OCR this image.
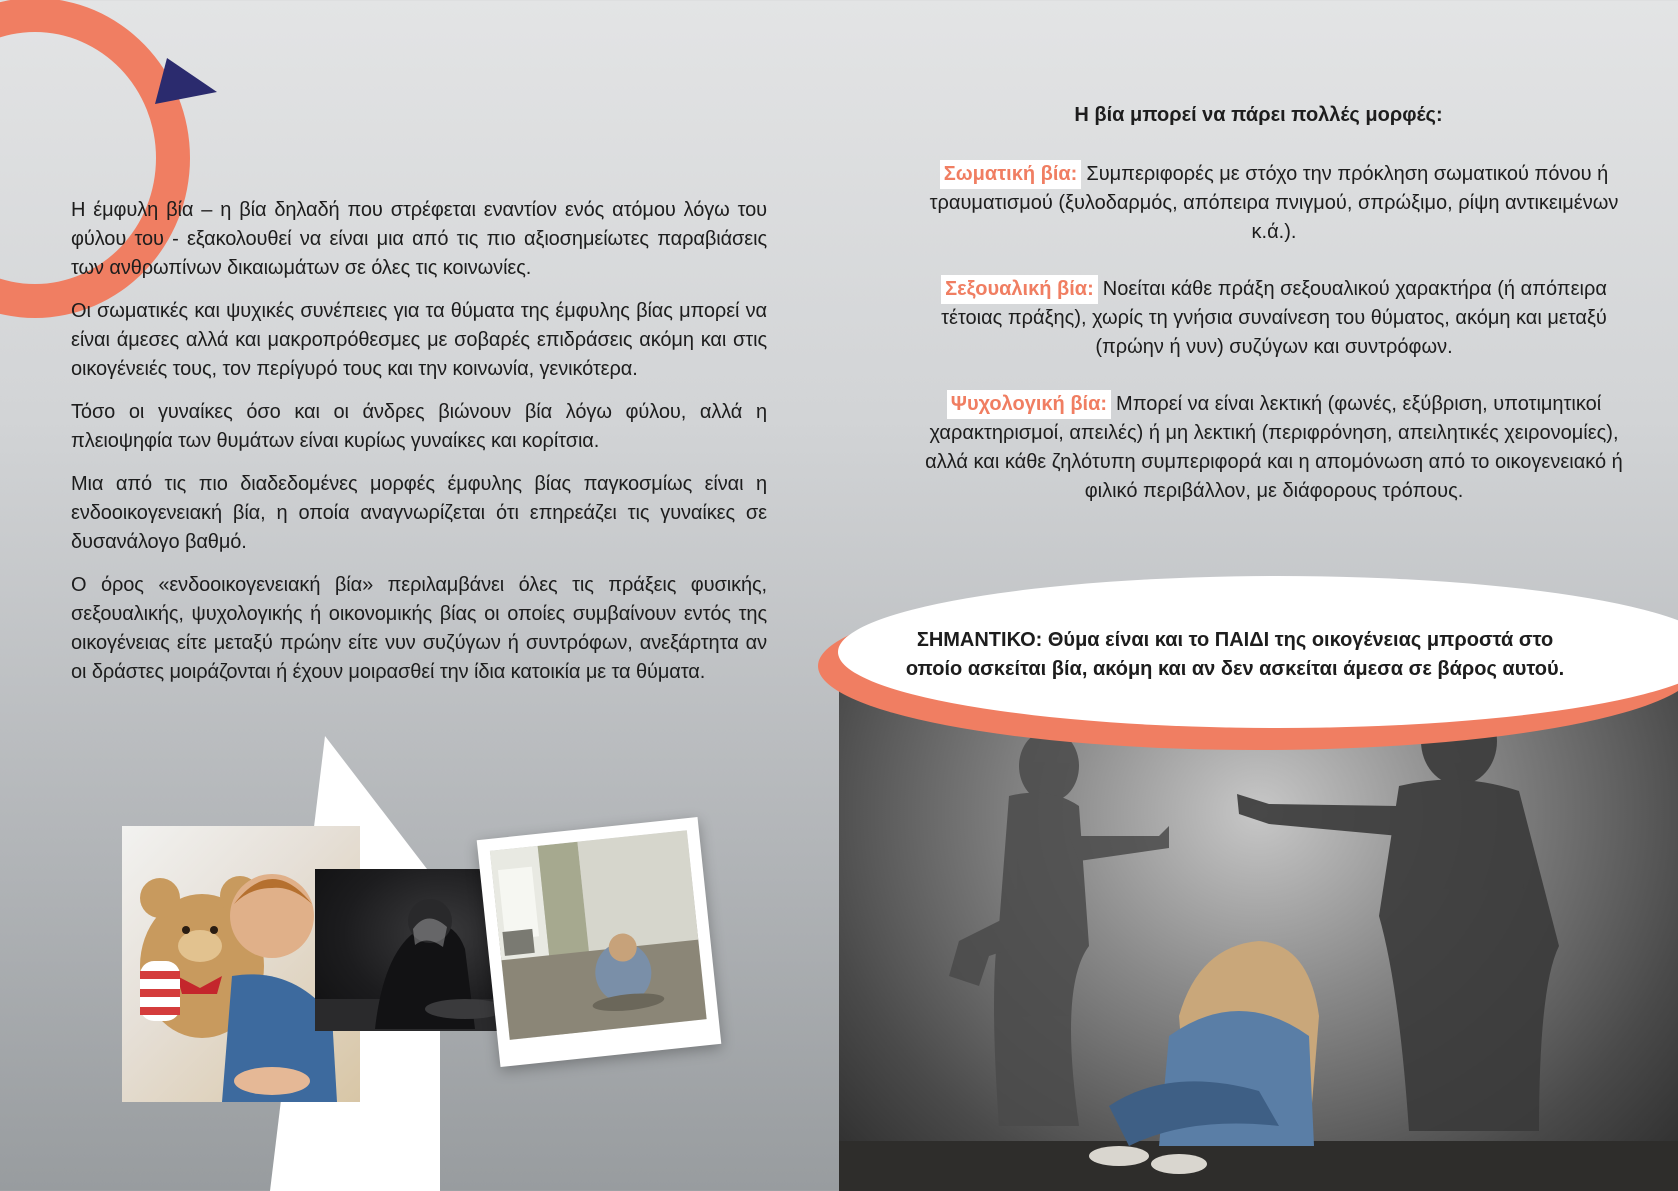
Η έμφυλη βία – η βία δηλαδή που στρέφεται εναντίον ενός ατόμου λόγω του φύλου του - εξακολουθεί να είναι μια από τις πιο αξιοσημείωτες παραβιάσεις των ανθρωπίνων δικαιωμάτων σε όλες τις κοινωνίες.

Οι σωματικές και ψυχικές συνέπειες για τα θύματα της έμφυλης βίας μπορεί να είναι άμεσες αλλά και μακροπρόθεσμες με σοβαρές επιδράσεις ακόμη και στις οικογένειές τους, τον περίγυρό τους και την κοινωνία, γενικότερα.

Τόσο οι γυναίκες όσο και οι άνδρες βιώνουν βία λόγω φύλου, αλλά η πλειοψηφία των θυμάτων είναι κυρίως γυναίκες και κορίτσια.

Μια από τις πιο διαδεδομένες μορφές έμφυλης βίας παγκοσμίως είναι η ενδοοικογενειακή βία, η οποία αναγνωρίζεται ότι επηρεάζει τις γυναίκες σε δυσανάλογο βαθμό.

Ο όρος «ενδοοικογενειακή βία» περιλαμβάνει όλες τις πράξεις φυσικής, σεξουαλικής, ψυχολογικής ή οικονομικής βίας οι οποίες συμβαίνουν εντός της οικογένειας είτε μεταξύ πρώην είτε νυν συζύγων ή συντρόφων, ανεξάρτητα αν οι δράστες μοιράζονται ή έχουν μοιρασθεί την ίδια κατοικία με τα θύματα.

Η βία μπορεί να πάρει πολλές μορφές:
Σωματική βία: Συμπεριφορές με στόχο την πρόκληση σωματικού πόνου ή τραυματισμού (ξυλοδαρμός, απόπειρα πνιγμού, σπρώξιμο, ρίψη αντικειμένων κ.ά.).
Σεξουαλική βία: Νοείται κάθε πράξη σεξουαλικού χαρακτήρα (ή απόπειρα τέτοιας πράξης), χωρίς τη γνήσια συναίνεση του θύματος, ακόμη και μεταξύ (πρώην ή νυν) συζύγων και συντρόφων.
Ψυχολογική βία: Μπορεί να είναι λεκτική (φωνές, εξύβριση, υποτιμητικοί χαρακτηρισμοί, απειλές) ή μη λεκτική (περιφρόνηση, απειλητικές χειρονομίες), αλλά και κάθε ζηλότυπη συμπεριφορά και η απομόνωση από το οικογενειακό ή φιλικό περιβάλλον, με διάφορους τρόπους.
ΣΗΜΑΝΤΙΚΟ: Θύμα είναι και το ΠΑΙΔΙ της οικογένειας μπροστά στο οποίο ασκείται βία, ακόμη και αν δεν ασκείται άμεσα σε βάρος αυτού.
